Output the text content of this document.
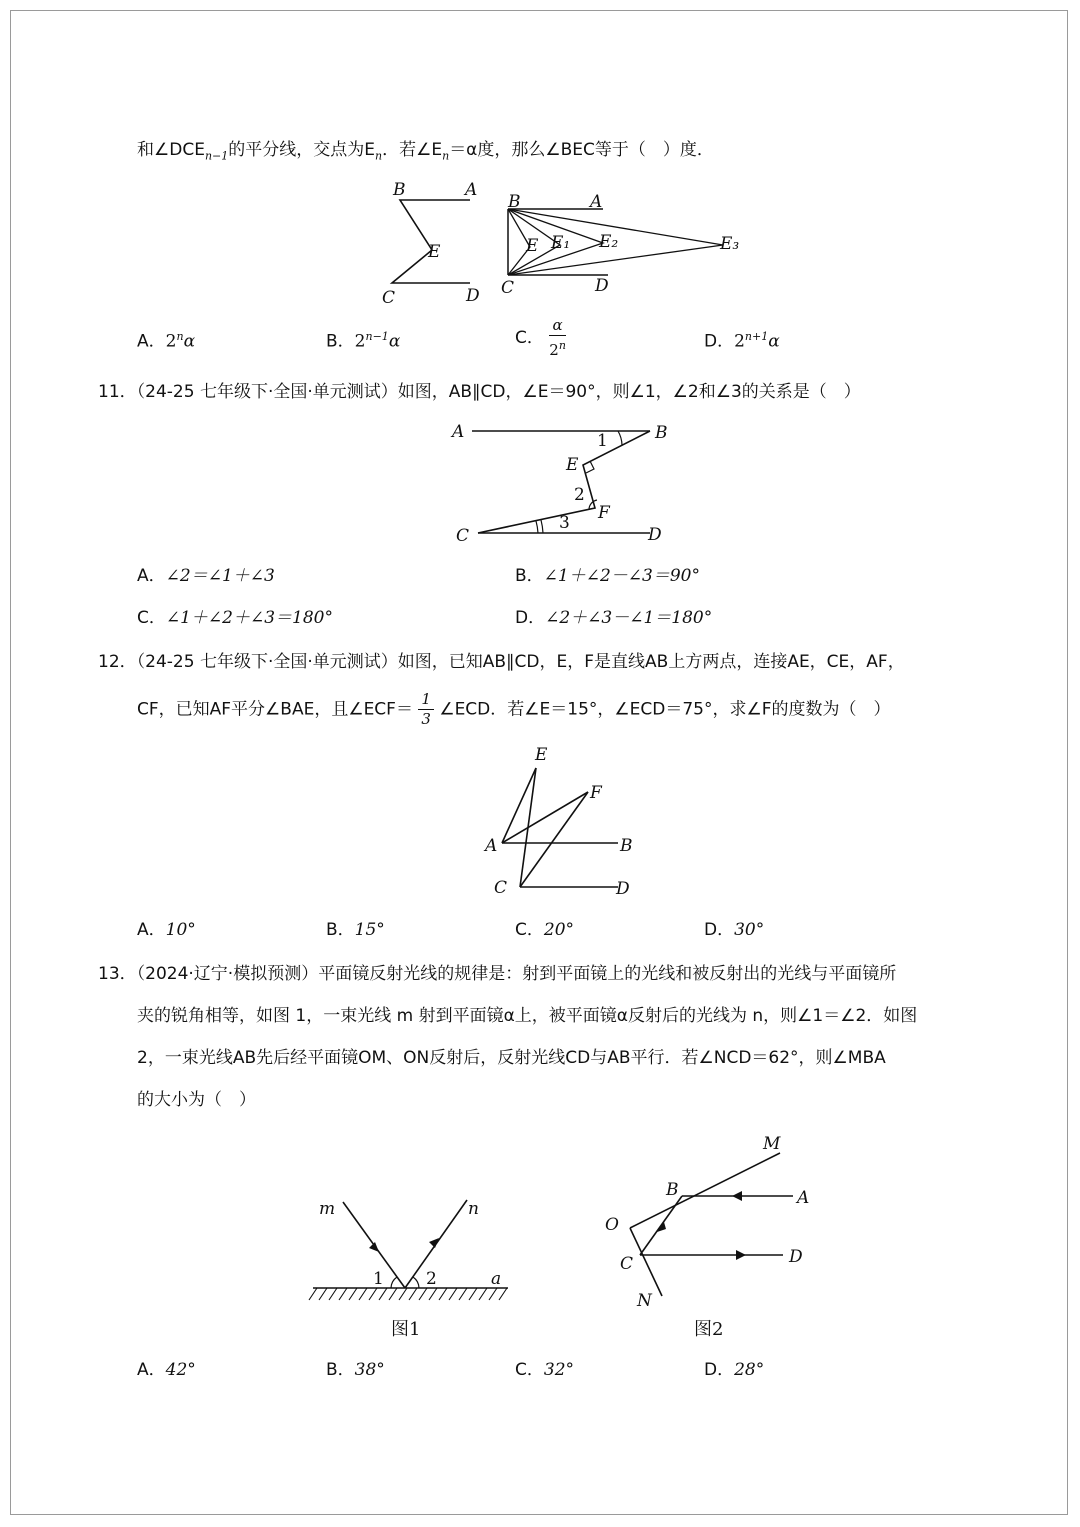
和$\angle DCE_{n-1}$的平分线，交点为$E_n$．若$\angle E_n=\alpha$度，那么∠BEC等于（　）度．
B	A
E
C	D
B	A
E E₁ E₂	E₃
C	D
A．2$^n$α	B．$2^{n-1}\alpha$	C． $\frac{\alpha}{2^n}$	D．$2^{n+1}\alpha$
11．（24-25 七年级下·全国·单元测试）如图，AB∥CD，∠E＝90°，则∠1，∠2和∠3的关系是（　）
A	B
E
F
C	D
1
2
3
A．∠2＝∠1＋∠3	B．∠1＋∠2－∠3＝90°
C．∠1＋∠2＋∠3＝180°	D．∠2＋∠3－∠1＝180°
12．（24-25 七年级下·全国·单元测试）如图，已知AB∥CD，E，F是直线AB上方两点，连接AE，CE，AF，
CF，已知AF平分∠BAE，且∠ECF＝ $\frac{1}{3}$ ∠ECD．若∠E＝15°，∠ECD＝75°，求∠F的度数为（　）
E
F
A	B
C	D
A．10°	B．15°	C．20°	D．30°
13．（2024·辽宁·模拟预测）平面镜反射光线的规律是：射到平面镜上的光线和被反射出的光线与平面镜所
夹的锐角相等，如图 1，一束光线 m 射到平面镜α上，被平面镜α反射后的光线为 n，则∠1＝∠2．如图
2，一束光线AB先后经平面镜OM、ON反射后，反射光线CD与AB平行．若∠NCD＝62°，则∠MBA
的大小为（　）
m	n
1 2	a
图1
M
B	A
O
C	D
N
图2
A．42°	B．38°	C．32°	D．28°
